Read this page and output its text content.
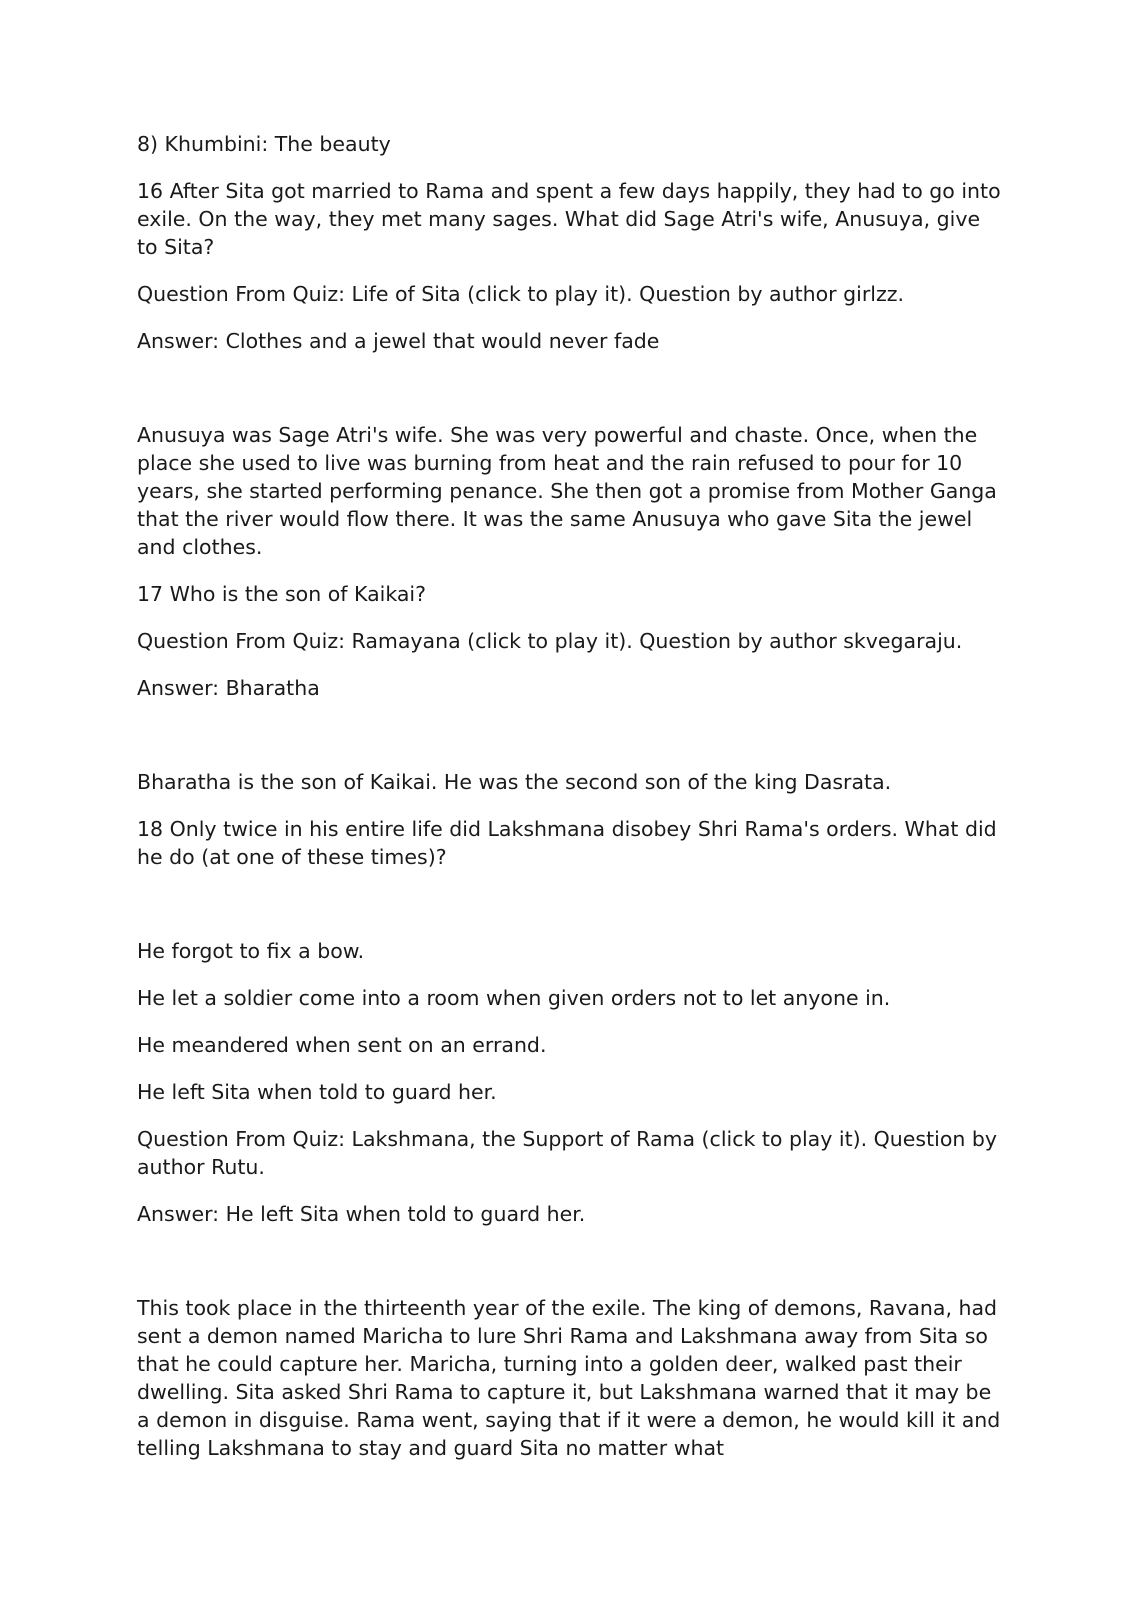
8) Khumbini: The beauty

16 After Sita got married to Rama and spent a few days happily, they had to go into exile. On the way, they met many sages. What did Sage Atri's wife, Anusuya, give to Sita?

Question From Quiz: Life of Sita (click to play it). Question by author girlzz.

Answer: Clothes and a jewel that would never fade

Anusuya was Sage Atri's wife. She was very powerful and chaste. Once, when the place she used to live was burning from heat and the rain refused to pour for 10 years, she started performing penance. She then got a promise from Mother Ganga that the river would flow there. It was the same Anusuya who gave Sita the jewel and clothes.

17 Who is the son of Kaikai?

Question From Quiz: Ramayana (click to play it). Question by author skvegaraju.

Answer: Bharatha

Bharatha is the son of Kaikai. He was the second son of the king Dasrata.

18 Only twice in his entire life did Lakshmana disobey Shri Rama's orders. What did he do (at one of these times)?

He forgot to fix a bow.

He let a soldier come into a room when given orders not to let anyone in.

He meandered when sent on an errand.

He left Sita when told to guard her.

Question From Quiz: Lakshmana, the Support of Rama (click to play it). Question by author Rutu.

Answer: He left Sita when told to guard her.

This took place in the thirteenth year of the exile. The king of demons, Ravana, had sent a demon named Maricha to lure Shri Rama and Lakshmana away from Sita so that he could capture her. Maricha, turning into a golden deer, walked past their dwelling. Sita asked Shri Rama to capture it, but Lakshmana warned that it may be a demon in disguise. Rama went, saying that if it were a demon, he would kill it and telling Lakshmana to stay and guard Sita no matter what
